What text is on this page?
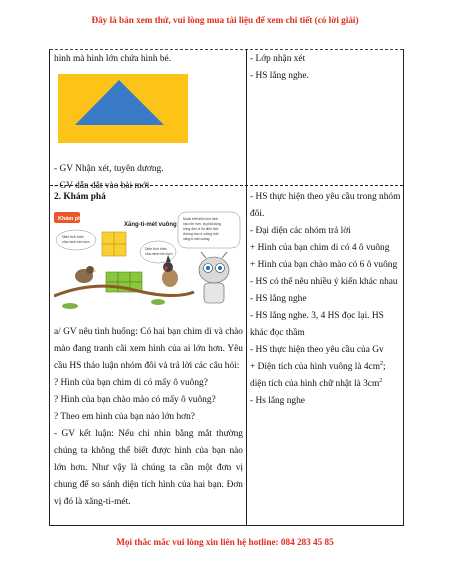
Đây là bản xem thử, vui lòng mua tài liệu để xem chi tiết (có lời giải)

hình mà hình lớn chứa hình bé.

- GV Nhận xét, tuyên dương.

- GV dẫn dắt vào bài mới

- Lớp nhận xét

- HS lắng nghe.

2. Khám phá

Khám phá
Xăng-ti-mét vuông
Diện tích hình
của mình lớn hơn
Diện tích hình
của mình lớn hơn
Muốn biết diện tích hình
nào lớn hơn, ta phải dùng
cùng đơn vị đo diện tích:
đường tròn ô vuông một
xăng-ti-mét vuông.

a/ GV nêu tình huống: Có hai bạn chim di và chào mào đang tranh cãi xem hình của ai lớn hơn. Yêu cầu HS thảo luận nhóm đôi và trả lời các câu hỏi:

? Hình của bạn chim di có mấy ô vuông?

? Hình của bạn chào mào có mấy ô vuông?

? Theo em hình của bạn nào lớn hơn?

- GV kết luận: Nếu chỉ nhìn bằng mắt thường chúng ta không thể biết được hình của bạn nào lớn hơn. Như vậy là chúng ta cần một đơn vị chung để so sánh diện tích hình của hai bạn. Đơn vị đó là xăng-ti-mét.

- HS thực hiện theo yêu cầu trong nhóm đôi.

- Đại diện các nhóm trả lời

+ Hình của bạn chim di có 4 ô vuông

+ Hình của bạn chào mào có 6 ô vuông

- HS có thể nêu nhiều ý kiến khác nhau

- HS lắng nghe

- HS lắng nghe. 3, 4 HS đọc lại. HS khác đọc thầm

- HS thực hiện theo yêu cầu của Gv

+ Diện tích của hình vuông là $4cm^2$;

diện tích của hình chữ nhật là $3cm^2$

- Hs lắng nghe

Mọi thắc mắc vui lòng xin liên hệ hotline: 084 283 45 85
